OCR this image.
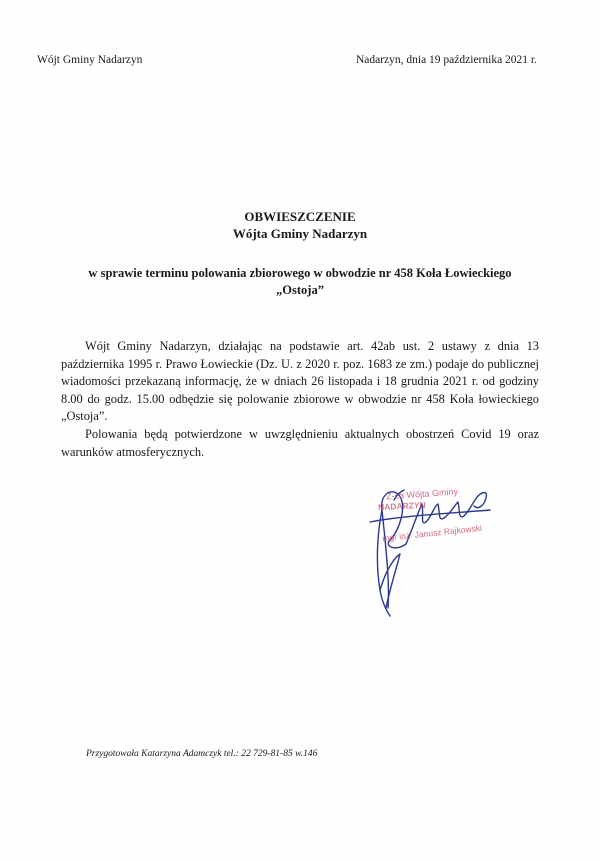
Wójt Gminy Nadarzyn	Nadarzyn, dnia 19 października 2021 r.
OBWIESZCZENIE
Wójta Gminy Nadarzyn
w sprawie terminu polowania zbiorowego w obwodzie nr 458 Koła Łowieckiego
„Ostoja”

Wójt Gminy Nadarzyn, działając na podstawie art. 42ab ust. 2 ustawy z dnia 13 października 1995 r. Prawo Łowieckie (Dz. U. z 2020 r. poz. 1683 ze zm.) podaje do publicznej wiadomości przekazaną informację, że w dniach 26 listopada i 18 grudnia 2021 r. od godziny 8.00 do godz. 15.00 odbędzie się polowanie zbiorowe w obwodzie nr 458 Koła łowieckiego „Ostoja”.

Polowania będą potwierdzone w uwzględnieniu aktualnych obostrzeń Covid 19 oraz warunków atmosferycznych.

Z-ca Wójta Gminy
NADARZYN
mgr inż. Janusz Rajkowski
Przygotowała Katarzyna Adamczyk tel.: 22 729-81-85 w.146
